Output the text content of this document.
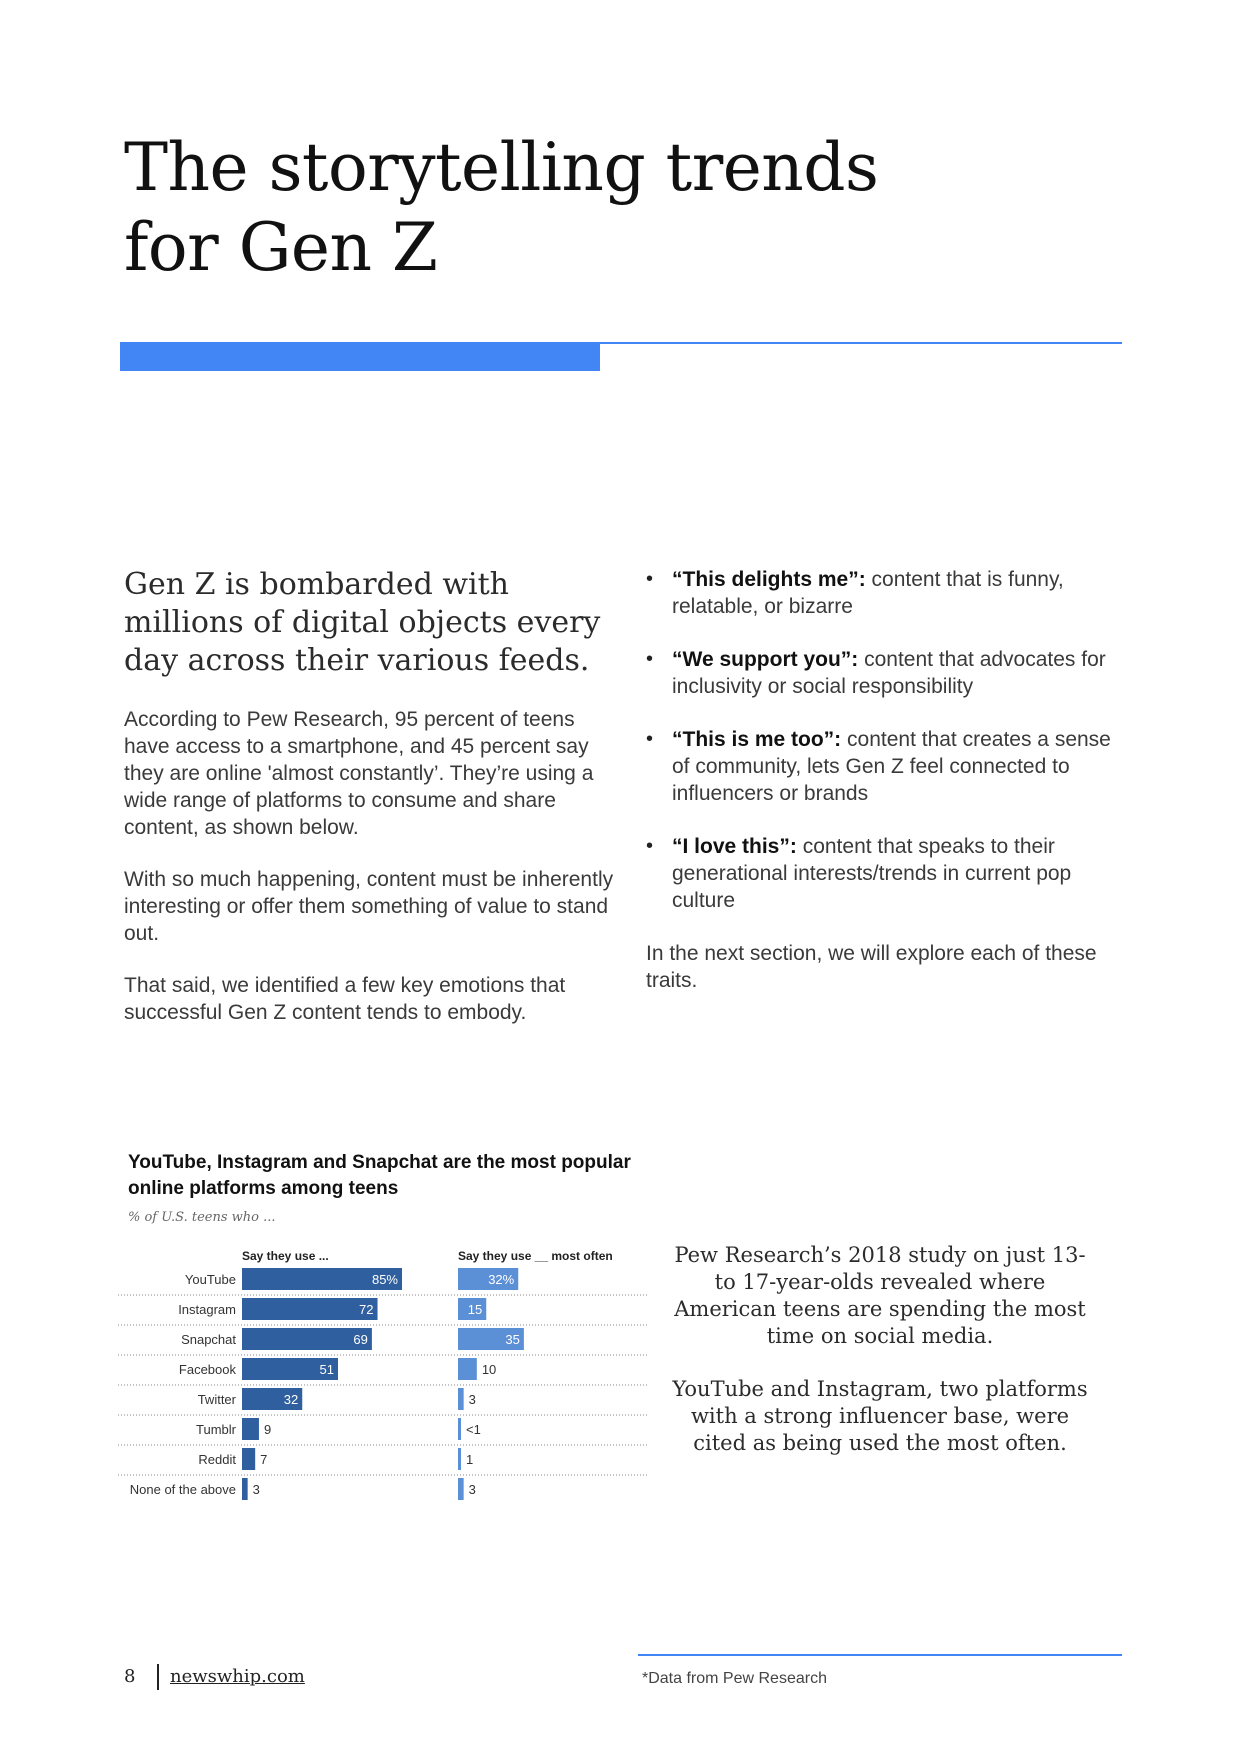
The storytelling trends
for Gen Z
Gen Z is bombarded with millions of digital objects every day across their various feeds.

According to Pew Research, 95 percent of teens have access to a smartphone, and 45 percent say they are online 'almost constantly’. They’re using a wide range of platforms to consume and share content, as shown below.

With so much happening, content must be inherently interesting or offer them something of value to stand out.

That said, we identified a few key emotions that successful Gen Z content tends to embody.

• “This delights me”: content that is funny, relatable, or bizarre
• “We support you”: content that advocates for inclusivity or social responsibility
• “This is me too”: content that creates a sense of community, lets Gen Z feel connected to influencers or brands
• “I love this”: content that speaks to their generational interests/trends in current pop culture

In the next section, we will explore each of these traits.

YouTube, Instagram and Snapchat are the most popular online platforms among teens

% of U.S. teens who ...

Say they use ...	Say they use __ most often
YouTube	85%	32%
Instagram	72	15
Snapchat	69	35
Facebook	51	10
Twitter	32	3
Tumblr 9	<1
Reddit 7	1
None of the above 3	3

Pew Research’s 2018 study on just 13-to 17-year-olds revealed where American teens are spending the most time on social media.

YouTube and Instagram, two platforms with a strong influencer base, were cited as being used the most often.

8 newswhip.com	*Data from Pew Research
